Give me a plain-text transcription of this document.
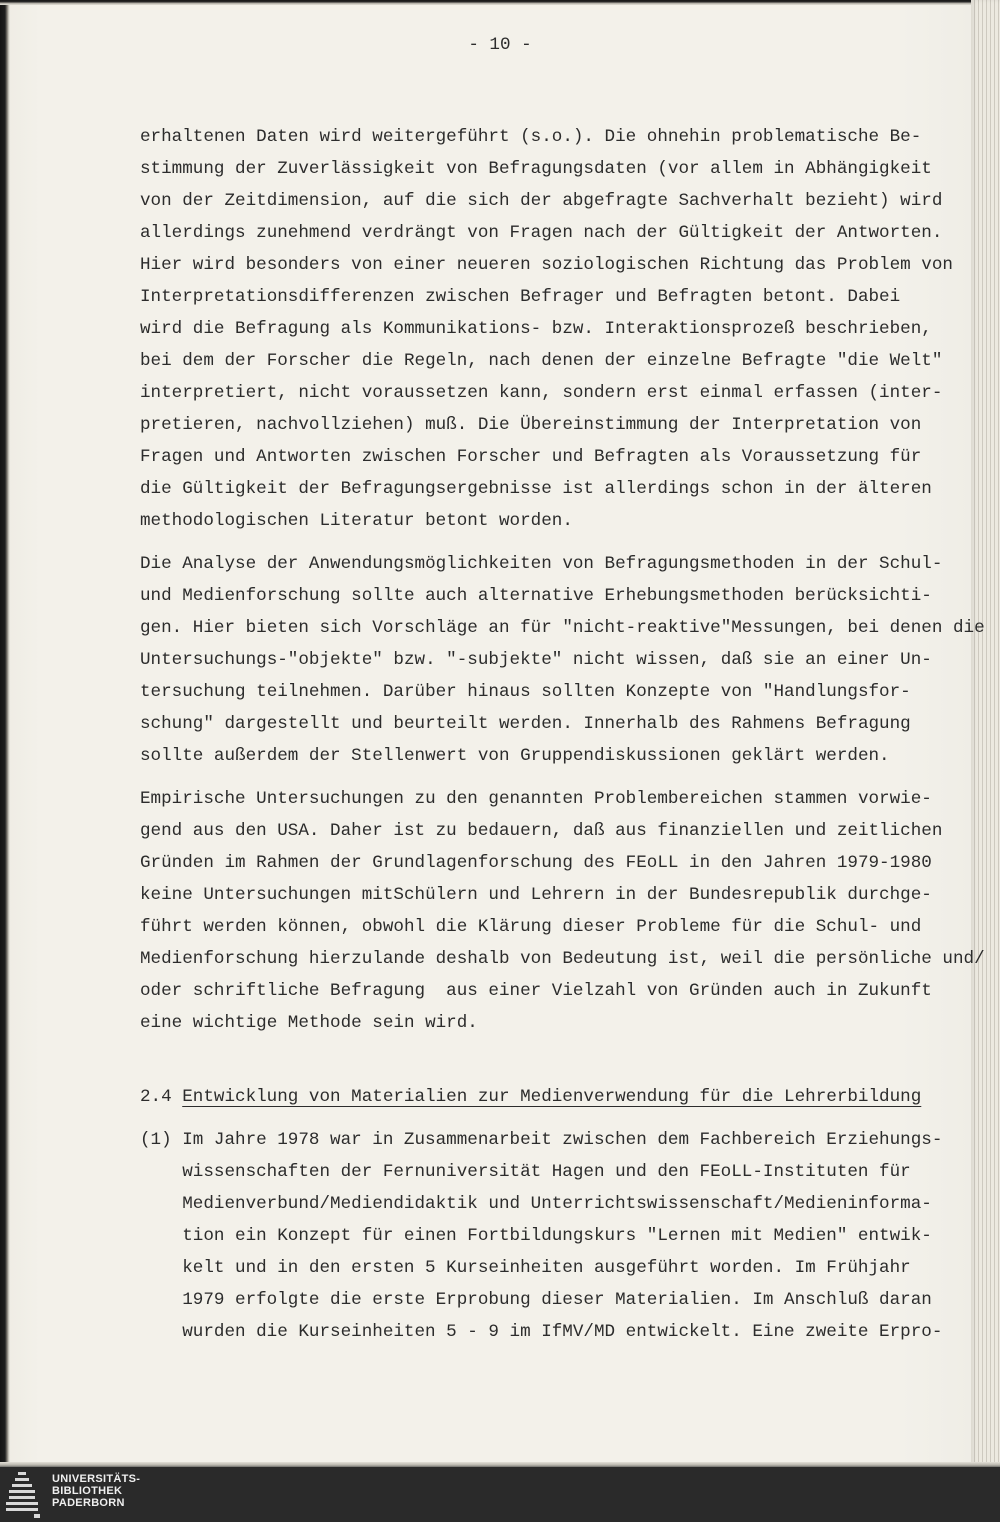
- 10 -
erhaltenen Daten wird weitergeführt (s.o.). Die ohnehin problematische Be-
stimmung der Zuverlässigkeit von Befragungsdaten (vor allem in Abhängigkeit
von der Zeitdimension, auf die sich der abgefragte Sachverhalt bezieht) wird
allerdings zunehmend verdrängt von Fragen nach der Gültigkeit der Antworten.
Hier wird besonders von einer neueren soziologischen Richtung das Problem von
Interpretationsdifferenzen zwischen Befrager und Befragten betont. Dabei
wird die Befragung als Kommunikations- bzw. Interaktionsprozeß beschrieben,
bei dem der Forscher die Regeln, nach denen der einzelne Befragte "die Welt"
interpretiert, nicht voraussetzen kann, sondern erst einmal erfassen (inter-
pretieren, nachvollziehen) muß. Die Übereinstimmung der Interpretation von
Fragen und Antworten zwischen Forscher und Befragten als Voraussetzung für
die Gültigkeit der Befragungsergebnisse ist allerdings schon in der älteren
methodologischen Literatur betont worden.
Die Analyse der Anwendungsmöglichkeiten von Befragungsmethoden in der Schul-
und Medienforschung sollte auch alternative Erhebungsmethoden berücksichti-
gen. Hier bieten sich Vorschläge an für "nicht-reaktive"Messungen, bei denen die
Untersuchungs-"objekte" bzw. "-subjekte" nicht wissen, daß sie an einer Un-
tersuchung teilnehmen. Darüber hinaus sollten Konzepte von "Handlungsfor-
schung" dargestellt und beurteilt werden. Innerhalb des Rahmens Befragung
sollte außerdem der Stellenwert von Gruppendiskussionen geklärt werden.
Empirische Untersuchungen zu den genannten Problembereichen stammen vorwie-
gend aus den USA. Daher ist zu bedauern, daß aus finanziellen und zeitlichen
Gründen im Rahmen der Grundlagenforschung des FEoLL in den Jahren 1979-1980
keine Untersuchungen mitSchülern und Lehrern in der Bundesrepublik durchge-
führt werden können, obwohl die Klärung dieser Probleme für die Schul- und
Medienforschung hierzulande deshalb von Bedeutung ist, weil die persönliche und/
oder schriftliche Befragung  aus einer Vielzahl von Gründen auch in Zukunft
eine wichtige Methode sein wird.

2.4

Entwicklung von Materialien zur Medienverwendung für die Lehrerbildung

(1) Im Jahre 1978 war in Zusammenarbeit zwischen dem Fachbereich Erziehungs-
wissenschaften der Fernuniversität Hagen und den FEoLL-Instituten für
Medienverbund/Mediendidaktik und Unterrichtswissenschaft/Medieninforma-
tion ein Konzept für einen Fortbildungskurs "Lernen mit Medien" entwik-
kelt und in den ersten 5 Kurseinheiten ausgeführt worden. Im Frühjahr
1979 erfolgte die erste Erprobung dieser Materialien. Im Anschluß daran
wurden die Kurseinheiten 5 - 9 im IfMV/MD entwickelt. Eine zweite Erpro-
UNIVERSITÄTS-
BIBLIOTHEK
PADERBORN
